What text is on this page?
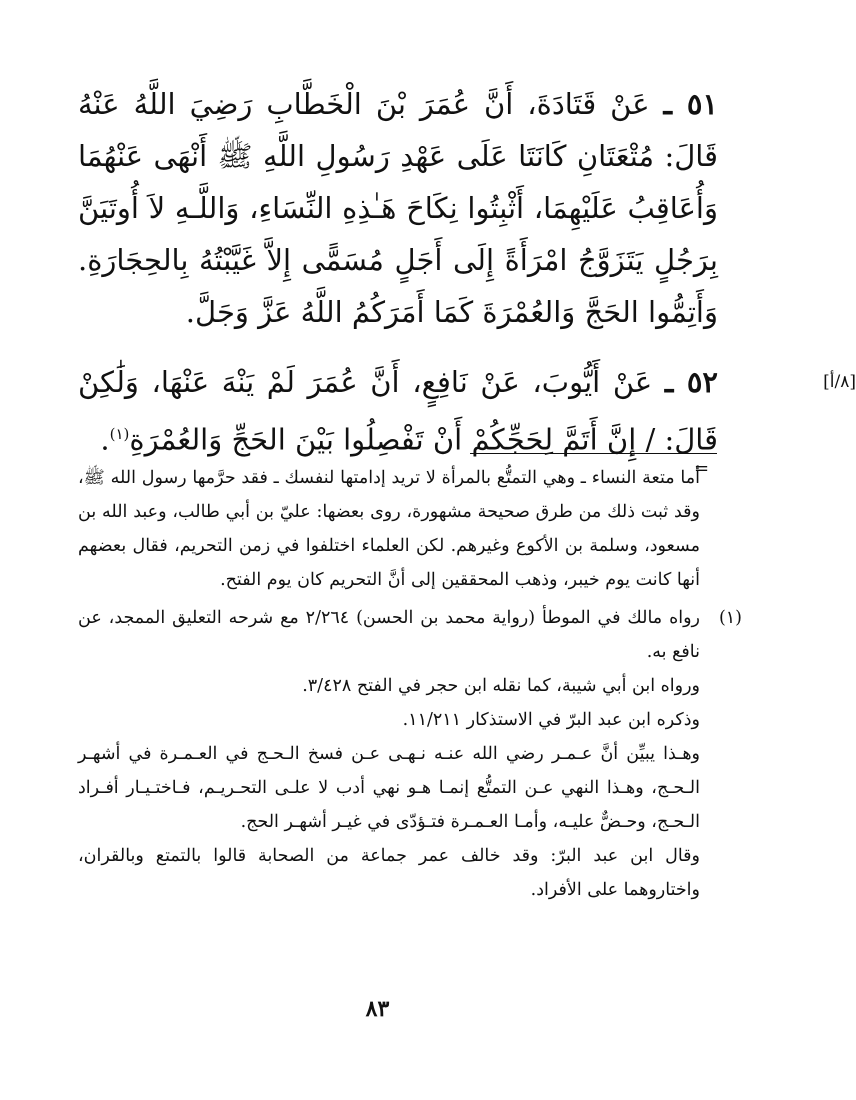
٥١ ـ عَنْ قَتَادَةَ، أَنَّ عُمَرَ بْنَ الْخَطَّابِ رَضِيَ اللَّهُ عَنْهُ قَالَ: مُتْعَتَانِ كَانَتَا عَلَى عَهْدِ رَسُولِ اللَّهِ ﷺ أَنْهَى عَنْهُمَا وَأُعَاقِبُ عَلَيْهِمَا، أَثْبِتُوا نِكَاحَ هَـٰذِهِ النِّسَاءِ، وَاللَّـهِ لاَ أُوتَيَنَّ بِرَجُلٍ يَتَزَوَّجُ امْرَأَةً إِلَى أَجَلٍ مُسَمًّى إِلاَّ غَيَّبْتُهُ بِالحِجَارَةِ. وَأَتِمُّوا الحَجَّ وَالعُمْرَةَ كَمَا أَمَرَكُمُ اللَّهُ عَزَّ وَجَلَّ.

٥٢ ـ عَنْ أَيُّوبَ، عَنْ نَافِعٍ، أَنَّ عُمَرَ لَمْ يَنْهَ عَنْهَا، وَلَٰكِنْ قَالَ: / إِنَّ أَتَمَّ لِحَجِّكُمْ أَنْ تَفْصِلُوا بَيْنَ الحَجِّ وَالعُمْرَةِ$^{(١)}$.
[٨/أ]

=

أما متعة النساء ـ وهي التمتُّع بالمرأة لا تريد إدامتها لنفسك ـ فقد حرَّمها رسول الله ﷺ، وقد ثبت ذلك من طرق صحيحة مشهورة، روى بعضها: عليّ بن أبي طالب، وعبد الله بن مسعود، وسلمة بن الأكوع وغيرهم. لكن العلماء اختلفوا في زمن التحريم، فقال بعضهم أنها كانت يوم خيبر، وذهب المحققين إلى أنَّ التحريم كان يوم الفتح.

(١)

رواه مالك في الموطأ (رواية محمد بن الحسن) ٢/٢٦٤ مع شرحه التعليق الممجد، عن نافع به.

ورواه ابن أبي شيبة، كما نقله ابن حجر في الفتح ٣/٤٢٨.

وذكره ابن عبد البرّ في الاستذكار ١١/٢١١.

وهـذا يبيِّن أنَّ عـمـر رضي الله عنـه نـهـى عـن فسخ الـحـج في العـمـرة في أشهـر الـحـج، وهـذا النهي عـن التمتُّع إنمـا هـو نهي أدب لا علـى التحـريـم، فـاختـيـار أفـراد الـحـج، وحـضٌّ عليـه، وأمـا العـمـرة فتـؤدّى في غيـر أشهـر الحج.

وقال ابن عبد البرّ: وقد خالف عمر جماعة من الصحابة قالوا بالتمتع وبالقران، واختاروهما على الأفراد.

٨٣
